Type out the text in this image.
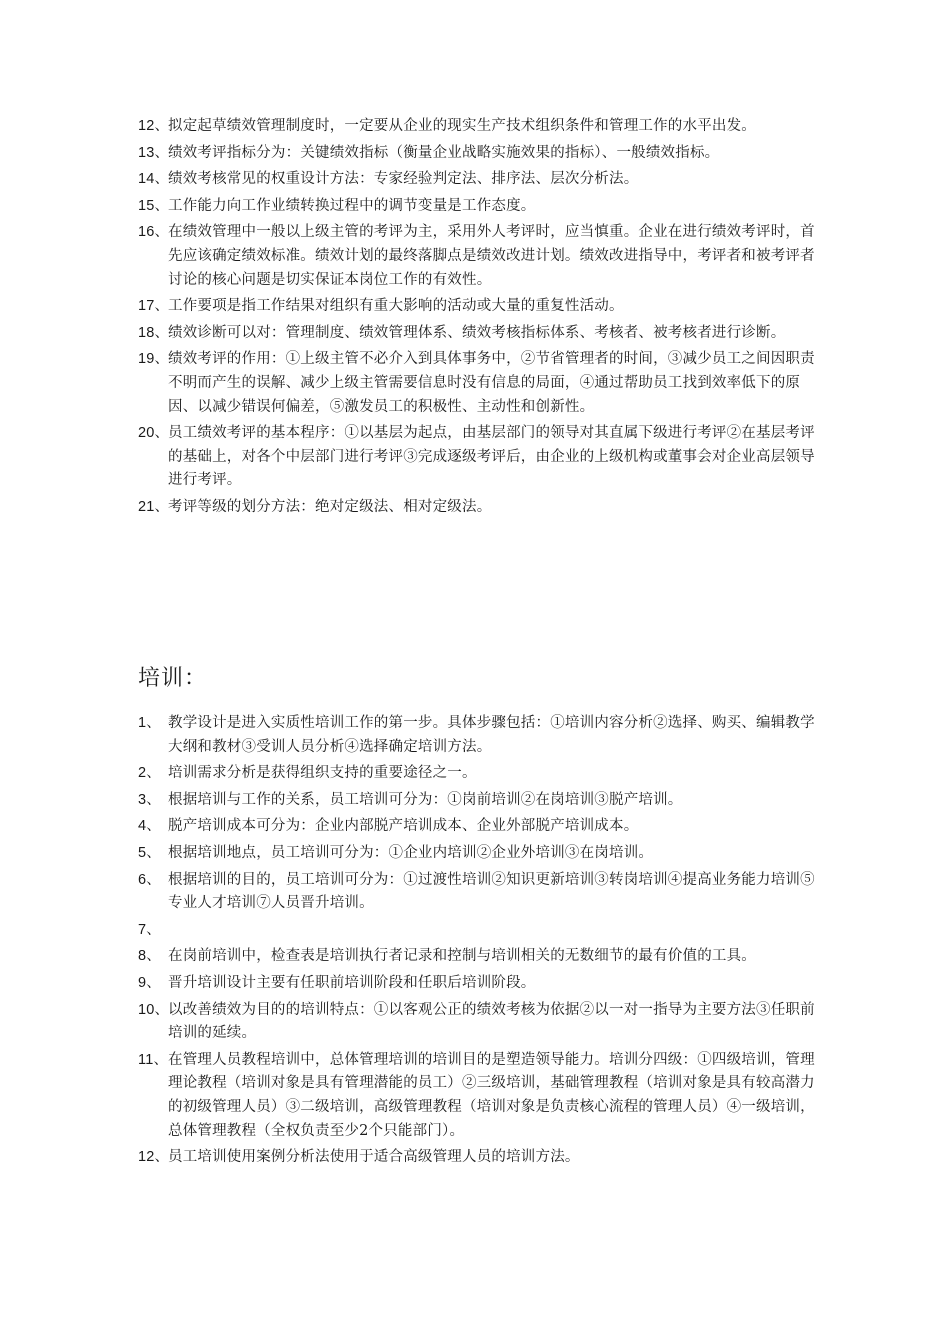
12、
拟定起草绩效管理制度时，一定要从企业的现实生产技术组织条件和管理工作的水平出发。
13、
绩效考评指标分为：关键绩效指标（衡量企业战略实施效果的指标）、一般绩效指标。
14、
绩效考核常见的权重设计方法：专家经验判定法、排序法、层次分析法。
15、
工作能力向工作业绩转换过程中的调节变量是工作态度。
16、
在绩效管理中一般以上级主管的考评为主，采用外人考评时，应当慎重。企业在进行绩效考评时，首先应该确定绩效标准。绩效计划的最终落脚点是绩效改进计划。绩效改进指导中，考评者和被考评者讨论的核心问题是切实保证本岗位工作的有效性。
17、
工作要项是指工作结果对组织有重大影响的活动或大量的重复性活动。
18、
绩效诊断可以对：管理制度、绩效管理体系、绩效考核指标体系、考核者、被考核者进行诊断。
19、
绩效考评的作用：①上级主管不必介入到具体事务中，②节省管理者的时间，③减少员工之间因职责不明而产生的误解、减少上级主管需要信息时没有信息的局面，④通过帮助员工找到效率低下的原因、以减少错误何偏差，⑤激发员工的积极性、主动性和创新性。
20、
员工绩效考评的基本程序：①以基层为起点，由基层部门的领导对其直属下级进行考评②在基层考评的基础上，对各个中层部门进行考评③完成逐级考评后，由企业的上级机构或董事会对企业高层领导进行考评。
21、
考评等级的划分方法：绝对定级法、相对定级法。
培训：
1、 教学设计是进入实质性培训工作的第一步。具体步骤包括：①培训内容分析②选择、购买、编辑教学大纲和教材③受训人员分析④选择确定培训方法。
2、 培训需求分析是获得组织支持的重要途径之一。
3、 根据培训与工作的关系，员工培训可分为：①岗前培训②在岗培训③脱产培训。
4、 脱产培训成本可分为：企业内部脱产培训成本、企业外部脱产培训成本。
5、 根据培训地点，员工培训可分为：①企业内培训②企业外培训③在岗培训。
6、 根据培训的目的，员工培训可分为：①过渡性培训②知识更新培训③转岗培训④提高业务能力培训⑤专业人才培训⑦人员晋升培训。
7、
8、 在岗前培训中，检查表是培训执行者记录和控制与培训相关的无数细节的最有价值的工具。
9、 晋升培训设计主要有任职前培训阶段和任职后培训阶段。
10、
以改善绩效为目的的培训特点：①以客观公正的绩效考核为依据②以一对一指导为主要方法③任职前培训的延续。
11、 在管理人员教程培训中，总体管理培训的培训目的是塑造领导能力。培训分四级：①四级培训，管理理论教程（培训对象是具有管理潜能的员工）②三级培训，基础管理教程（培训对象是具有较高潜力的初级管理人员）③二级培训，高级管理教程（培训对象是负责核心流程的管理人员）④一级培训，总体管理教程（全权负责至少2个只能部门）。
12、
员工培训使用案例分析法使用于适合高级管理人员的培训方法。
